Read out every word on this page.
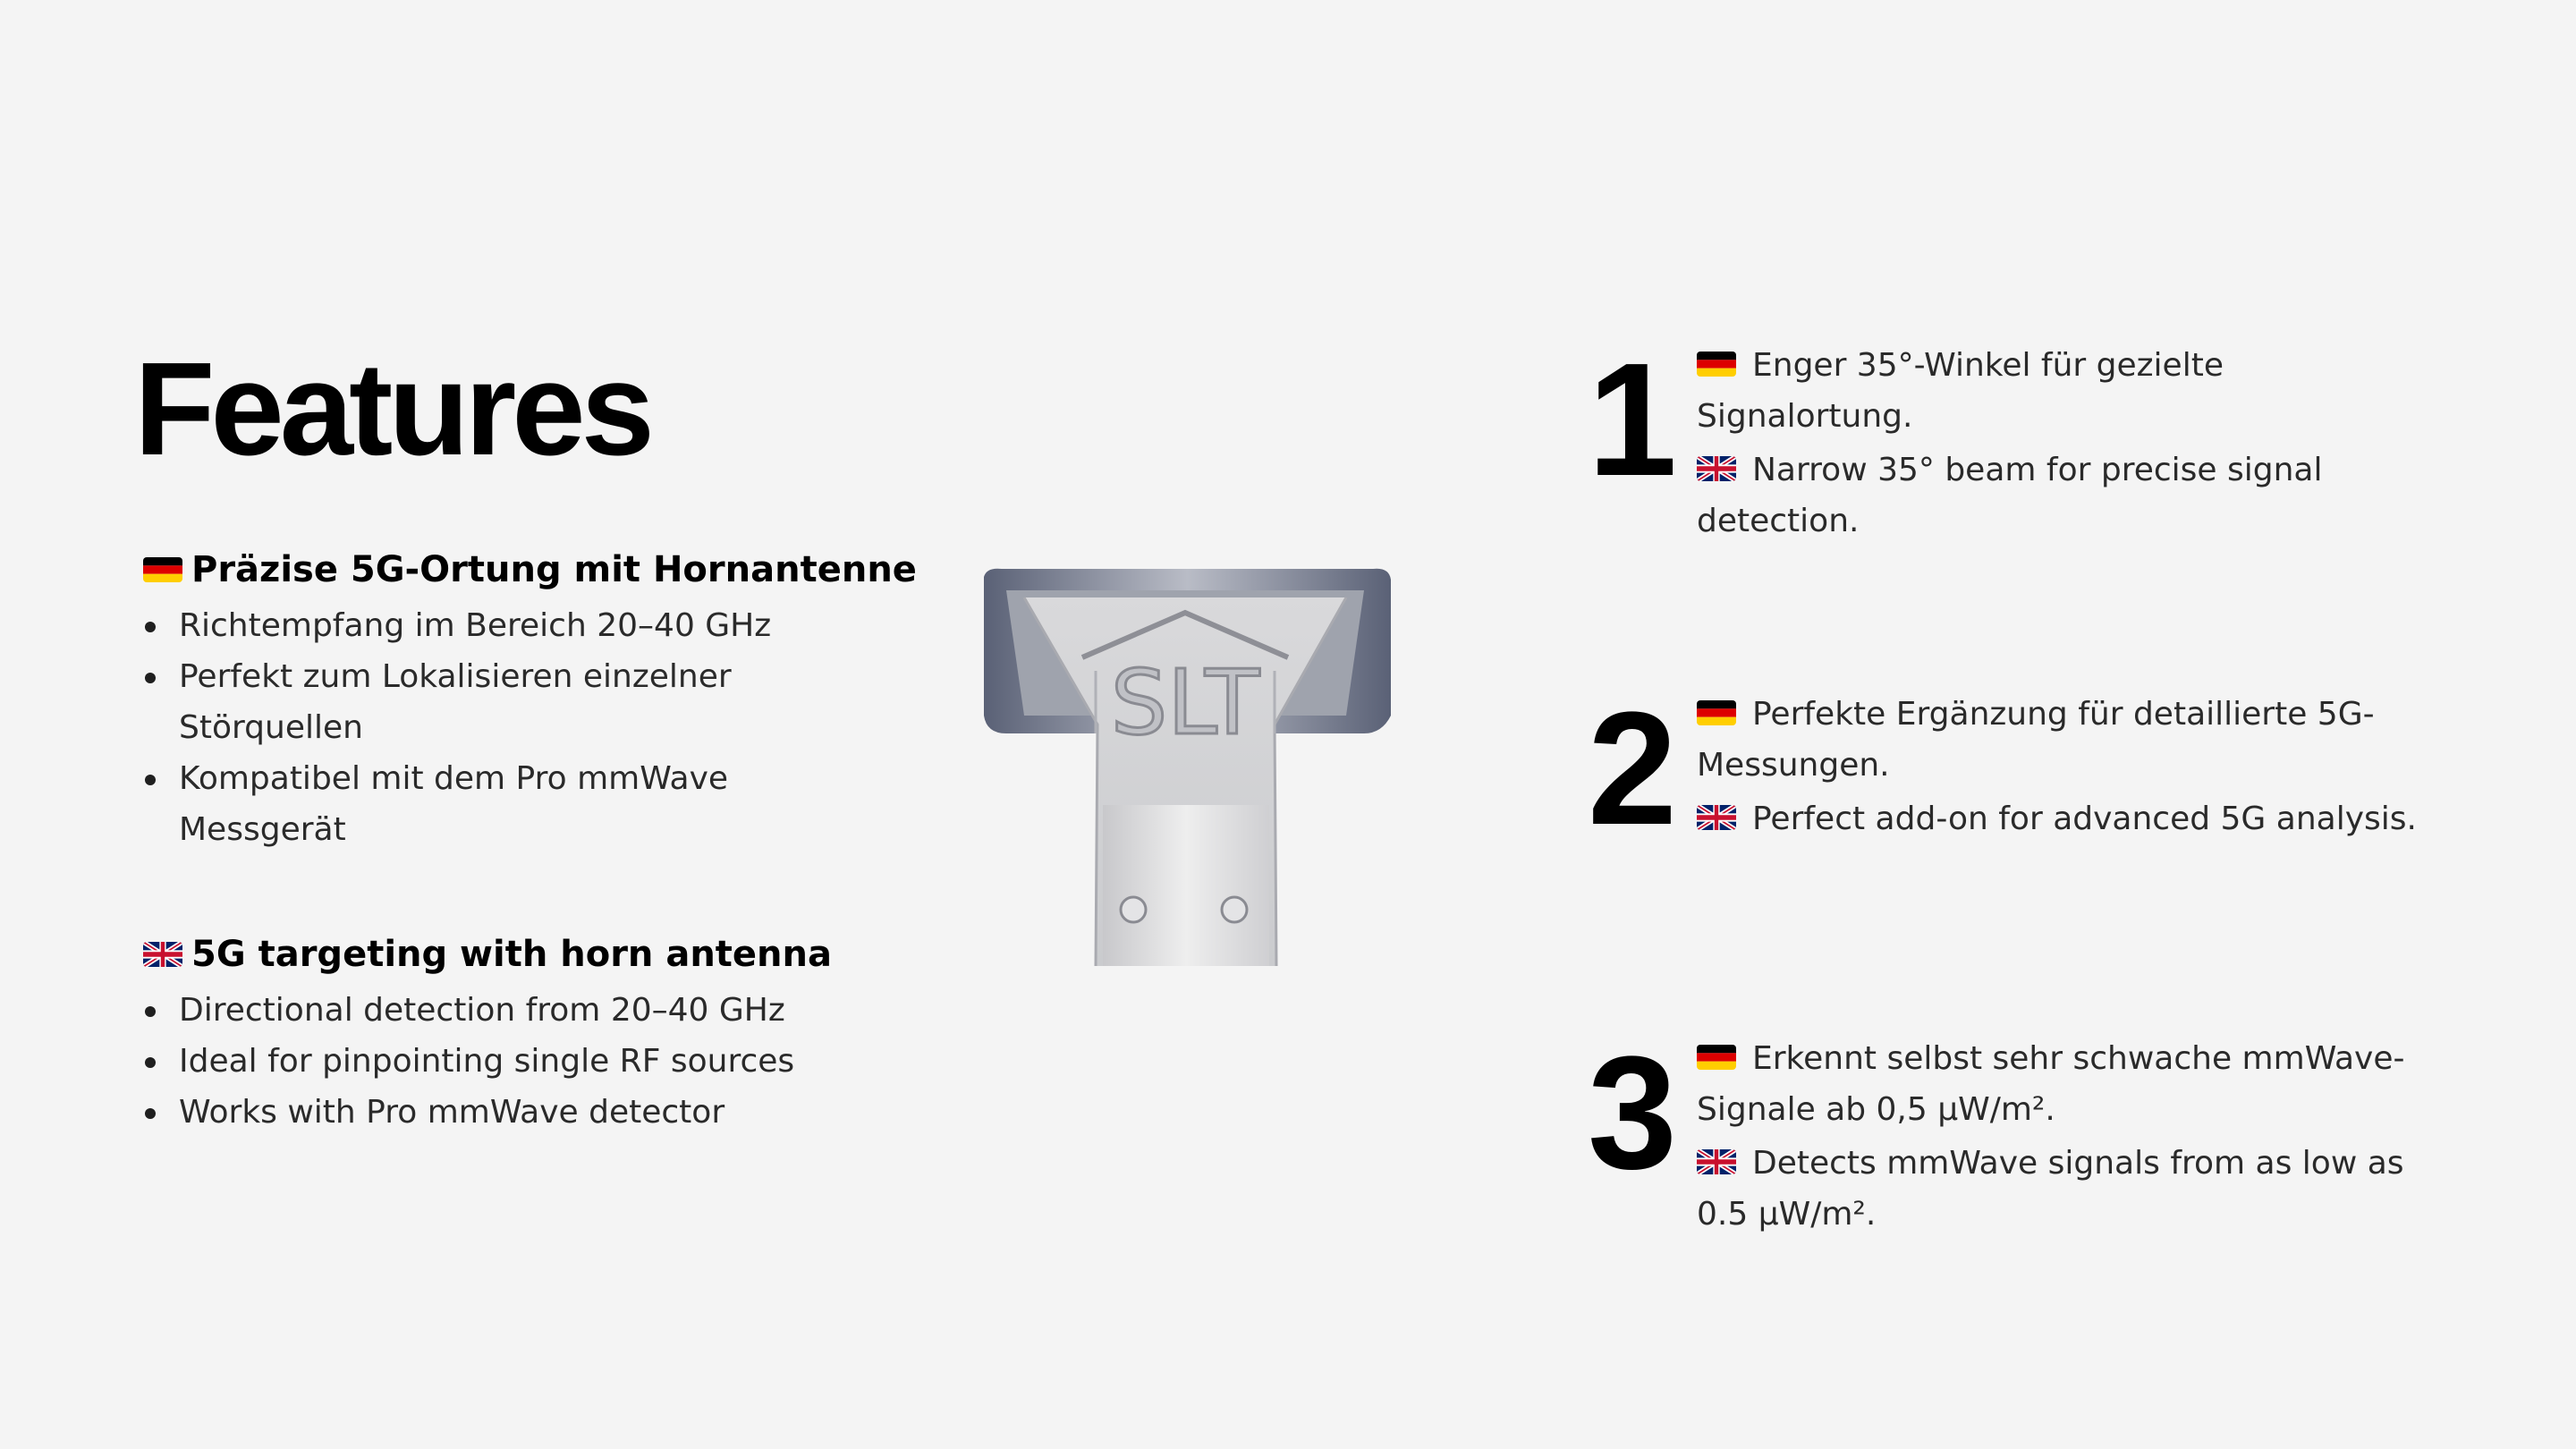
Features
Präzise 5G-Ortung mit Hornantenne
Richtempfang im Bereich 20–40 GHz
Perfekt zum Lokalisieren einzelner Störquellen
Kompatibel mit dem Pro mmWave Messgerät
5G targeting with horn antenna
Directional detection from 20–40 GHz
Ideal for pinpointing single RF sources
Works with Pro mmWave detector
SLT
1	Enger 35°-Winkel für gezielte Signalortung.

Narrow 35° beam for precise signal detection.

2	Perfekte Ergänzung für detaillierte 5G-Messungen.

Perfect add-on for advanced 5G analysis.

3	Erkennt selbst sehr schwache mmWave-Signale ab 0,5 µW/m².

Detects mmWave signals from as low as 0.5 µW/m².
